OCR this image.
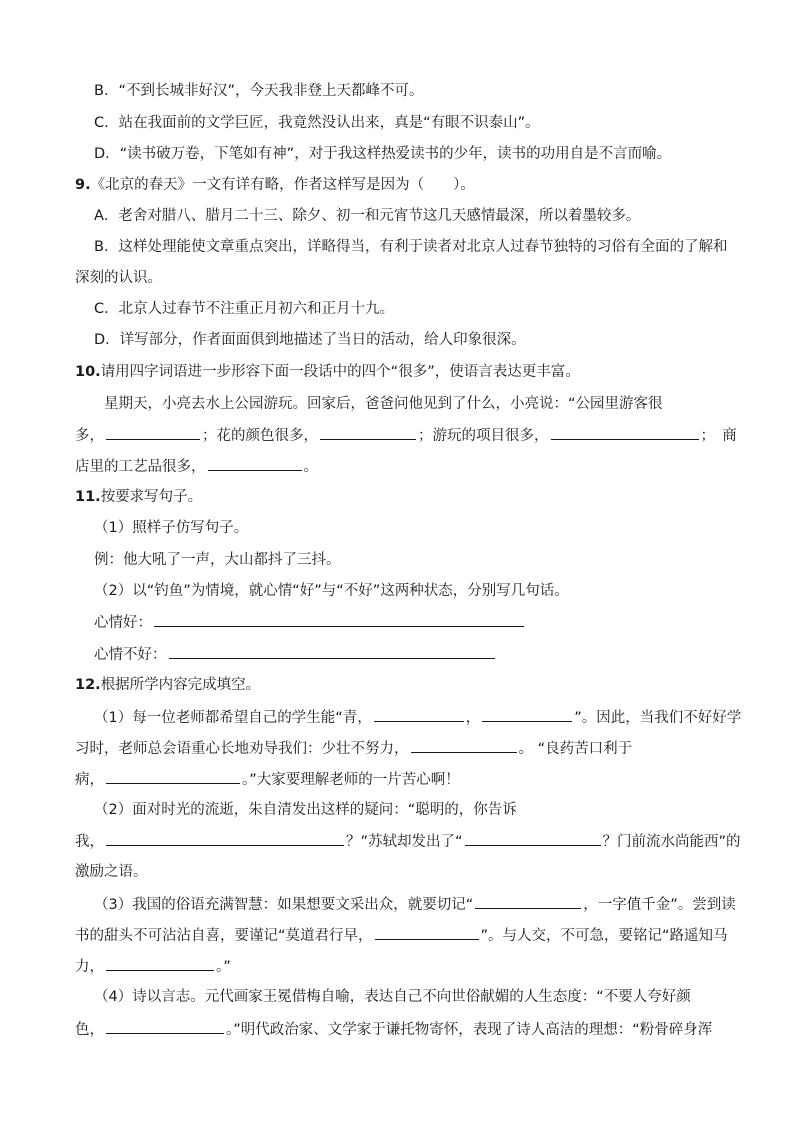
B．“不到长城非好汉”，今天我非登上天都峰不可。
C．站在我面前的文学巨匠，我竟然没认出来，真是“有眼不识泰山”。
D．“读书破万卷，下笔如有神”，对于我这样热爱读书的少年，读书的功用自是不言而喻。
9.《北京的春天》一文有详有略，作者这样写是因为（　　）。
A．老舍对腊八、腊月二十三、除夕、初一和元宵节这几天感情最深，所以着墨较多。
B．这样处理能使文章重点突出，详略得当，有利于读者对北京人过春节独特的习俗有全面的了解和
深刻的认识。
C．北京人过春节不注重正月初六和正月十九。
D．详写部分，作者面面俱到地描述了当日的活动，给人印象很深。
10.请用四字词语进一步形容下面一段话中的四个“很多”，使语言表达更丰富。
星期天，小亮去水上公园游玩。回家后，爸爸问他见到了什么，小亮说：“公园里游客很
多，	；花的颜色很多，	；游玩的项目很多，	；　商
店里的工艺品很多，	。
11.按要求写句子。
（1）照样子仿写句子。
例：他大吼了一声，大山都抖了三抖。
（2）以“钓鱼”为情境，就心情“好”与“不好”这两种状态，分别写几句话。
心情好：
心情不好：
12.根据所学内容完成填空。
（1）每一位老师都希望自己的学生能“青，	，	”。因此，当我们不好好学
习时，老师总会语重心长地劝导我们：少壮不努力，	。 “良药苦口利于
病，	。”大家要理解老师的一片苦心啊！
（2）面对时光的流逝，朱自清发出这样的疑问：“聪明的，你告诉
我，	？”苏轼却发出了“	？门前流水尚能西”的
激励之语。
（3）我国的俗语充满智慧：如果想要文采出众，就要切记“	，一字值千金”。尝到读
书的甜头不可沾沾自喜，要谨记“莫道君行早，	”。与人交，不可急，要铭记“路遥知马
力，	。”
（4）诗以言志。元代画家王冕借梅自喻，表达自己不向世俗献媚的人生态度：“不要人夸好颜
色，	。”明代政治家、文学家于谦托物寄怀，表现了诗人高洁的理想：“粉骨碎身浑
